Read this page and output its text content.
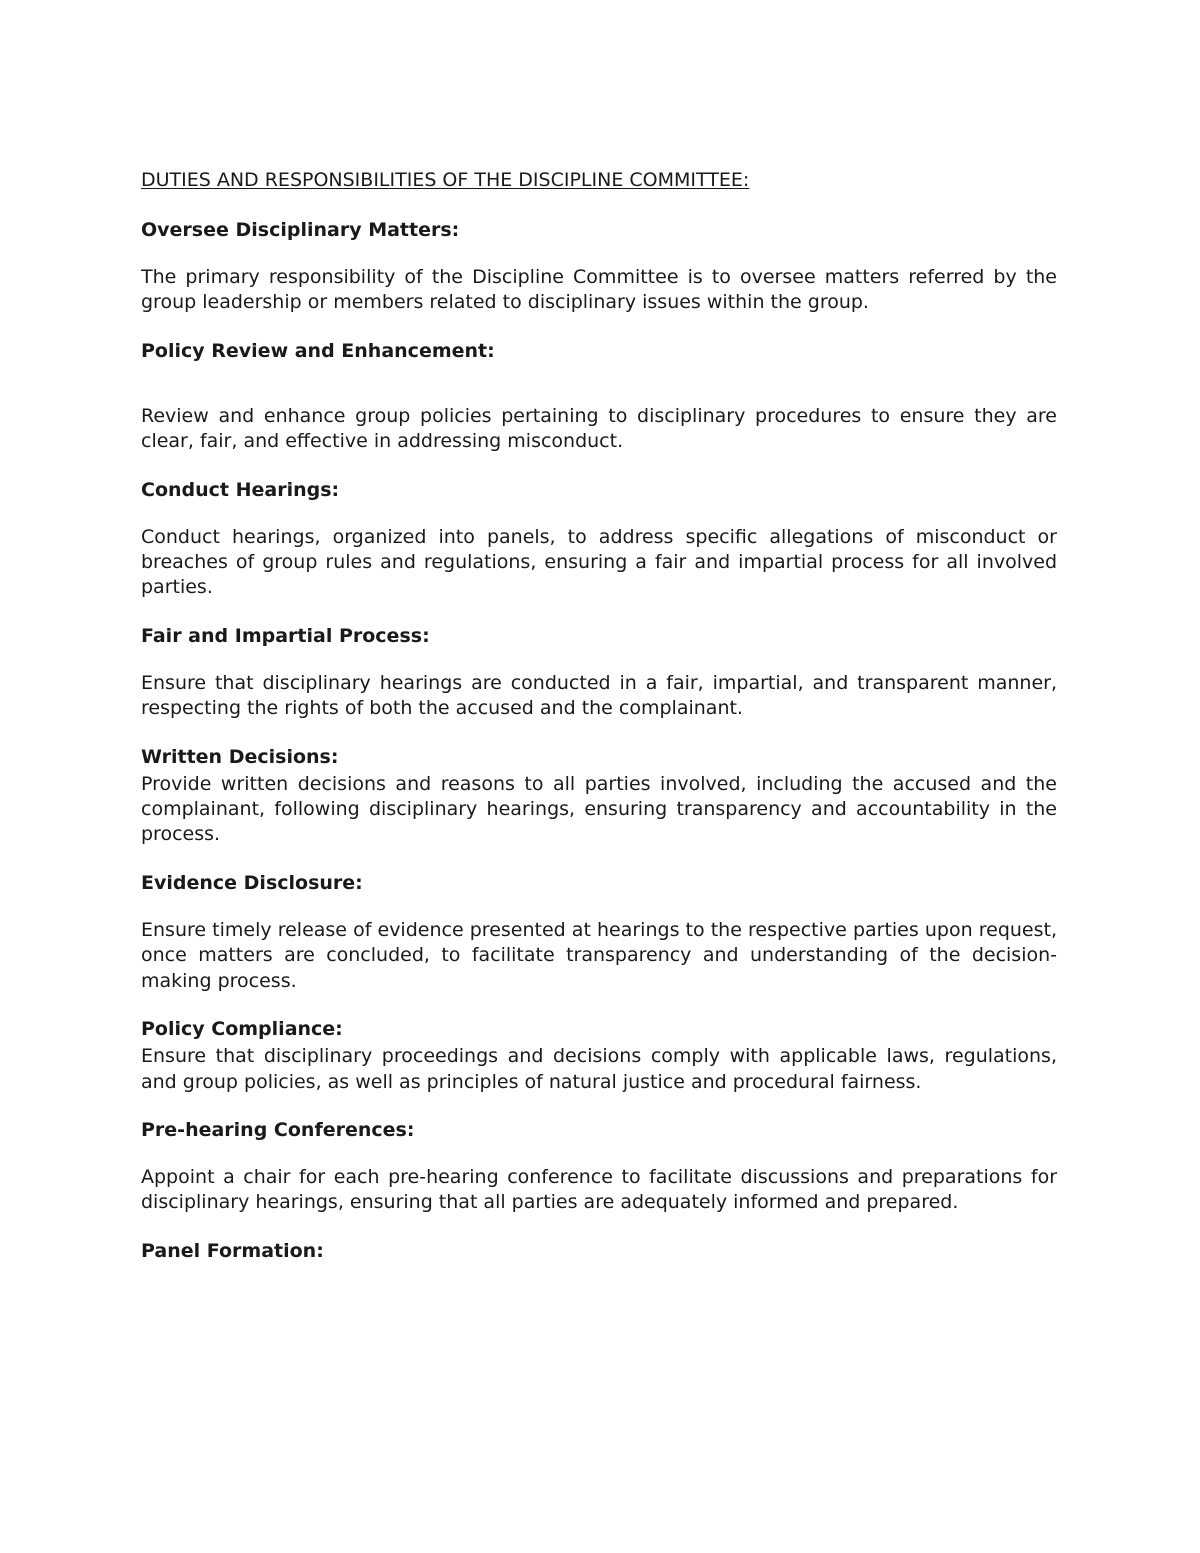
DUTIES AND RESPONSIBILITIES OF THE DISCIPLINE COMMITTEE:

Oversee Disciplinary Matters:

The primary responsibility of the Discipline Committee is to oversee matters referred by the group leadership or members related to disciplinary issues within the group.

Policy Review and Enhancement:

Review and enhance group policies pertaining to disciplinary procedures to ensure they are clear, fair, and effective in addressing misconduct.

Conduct Hearings:

Conduct hearings, organized into panels, to address specific allegations of misconduct or breaches of group rules and regulations, ensuring a fair and impartial process for all involved parties.

Fair and Impartial Process:

Ensure that disciplinary hearings are conducted in a fair, impartial, and transparent manner, respecting the rights of both the accused and the complainant.

Written Decisions:

Provide written decisions and reasons to all parties involved, including the accused and the complainant, following disciplinary hearings, ensuring transparency and accountability in the process.

Evidence Disclosure:

Ensure timely release of evidence presented at hearings to the respective parties upon request, once matters are concluded, to facilitate transparency and understanding of the decision-making process.

Policy Compliance:

Ensure that disciplinary proceedings and decisions comply with applicable laws, regulations, and group policies, as well as principles of natural justice and procedural fairness.

Pre-hearing Conferences:

Appoint a chair for each pre-hearing conference to facilitate discussions and preparations for disciplinary hearings, ensuring that all parties are adequately informed and prepared.

Panel Formation:
